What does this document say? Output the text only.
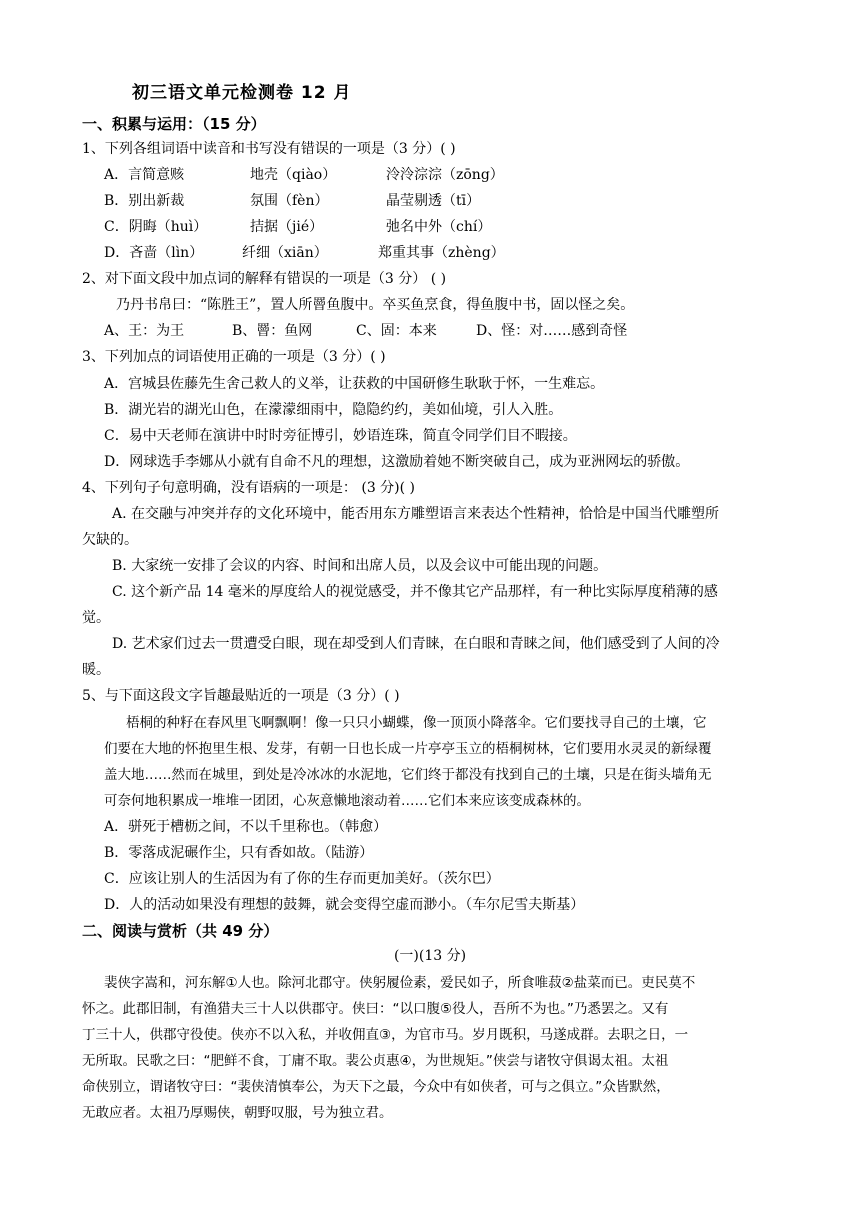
初三语文单元检测卷 12 月
一、积累与运用：（15 分）
1、下列各组词语中读音和书写没有错误的一项是（3 分）( )
A．言简意赅	地壳（qiào）	泠泠淙淙（zōng）
B．别出新裁	氛围（fèn）	晶莹剔透（tī）
C．阴晦（huì）	拮据（jié）	弛名中外（chí）
D．吝啬（lìn）	纤细（xiān）	郑重其事（zhèng）
2、对下面文段中加点词的解释有错误的一项是（3 分） ( )
乃丹书帛曰：“陈胜王”，置人所罾鱼腹中。卒买鱼烹食，得鱼腹中书，固以怪之矣。
A、王：为王	B、罾：鱼网	C、固：本来	D、怪：对……感到奇怪
3、下列加点的词语使用正确的一项是（3 分）( )
A．宫城县佐藤先生舍己救人的义举，让获救的中国研修生耿耿于怀，一生难忘。
B．湖光岩的湖光山色，在濛濛细雨中，隐隐约约，美如仙境，引人入胜。
C．易中天老师在演讲中时时旁征博引，妙语连珠，简直令同学们目不暇接。
D．网球选手李娜从小就有自命不凡的理想，这激励着她不断突破自己，成为亚洲网坛的骄傲。
4、下列句子句意明确，没有语病的一项是： (3 分)( )
A. 在交融与冲突并存的文化环境中，能否用东方雕塑语言来表达个性精神，恰恰是中国当代雕塑所
欠缺的。
B. 大家统一安排了会议的内容、时间和出席人员，以及会议中可能出现的问题。
C. 这个新产品 14 毫米的厚度给人的视觉感受，并不像其它产品那样，有一种比实际厚度稍薄的感
觉。
D. 艺术家们过去一贯遭受白眼，现在却受到人们青睐，在白眼和青睐之间，他们感受到了人间的冷
暖。
5、与下面这段文字旨趣最贴近的一项是（3 分）( )
梧桐的种籽在春风里飞啊飘啊！像一只只小蝴蝶，像一顶顶小降落伞。它们要找寻自己的土壤，它
们要在大地的怀抱里生根、发芽，有朝一日也长成一片亭亭玉立的梧桐树林，它们要用水灵灵的新绿覆
盖大地……然而在城里，到处是冷冰冰的水泥地，它们终于都没有找到自己的土壤，只是在街头墙角无
可奈何地积累成一堆堆一团团，心灰意懒地滚动着……它们本来应该变成森林的。
A．骈死于槽枥之间，不以千里称也。（韩愈）
B．零落成泥碾作尘，只有香如故。（陆游）
C．应该让别人的生活因为有了你的生存而更加美好。（茨尔巴）
D．人的活动如果没有理想的鼓舞，就会变得空虚而渺小。（车尔尼雪夫斯基）
二、阅读与赏析（共 49 分）
(一)(13 分)
裴侠字嵩和，河东解①人也。除河北郡守。侠躬履俭素，爱民如子，所食唯菽②盐菜而已。吏民莫不
怀之。此郡旧制，有渔猎夫三十人以供郡守。侠曰：“以口腹⑤役人，吾所不为也。”乃悉罢之。又有
丁三十人，供郡守役使。侠亦不以入私，并收佣直③，为官市马。岁月既积，马遂成群。去职之日，一
无所取。民歌之曰：“肥鲜不食，丁庸不取。裴公贞惠④，为世规矩。”侠尝与诸牧守俱谒太祖。太祖
命侠别立，谓诸牧守曰：“裴侠清慎奉公，为天下之最，今众中有如侠者，可与之俱立。”众皆默然，
无敢应者。太祖乃厚赐侠，朝野叹服，号为独立君。
